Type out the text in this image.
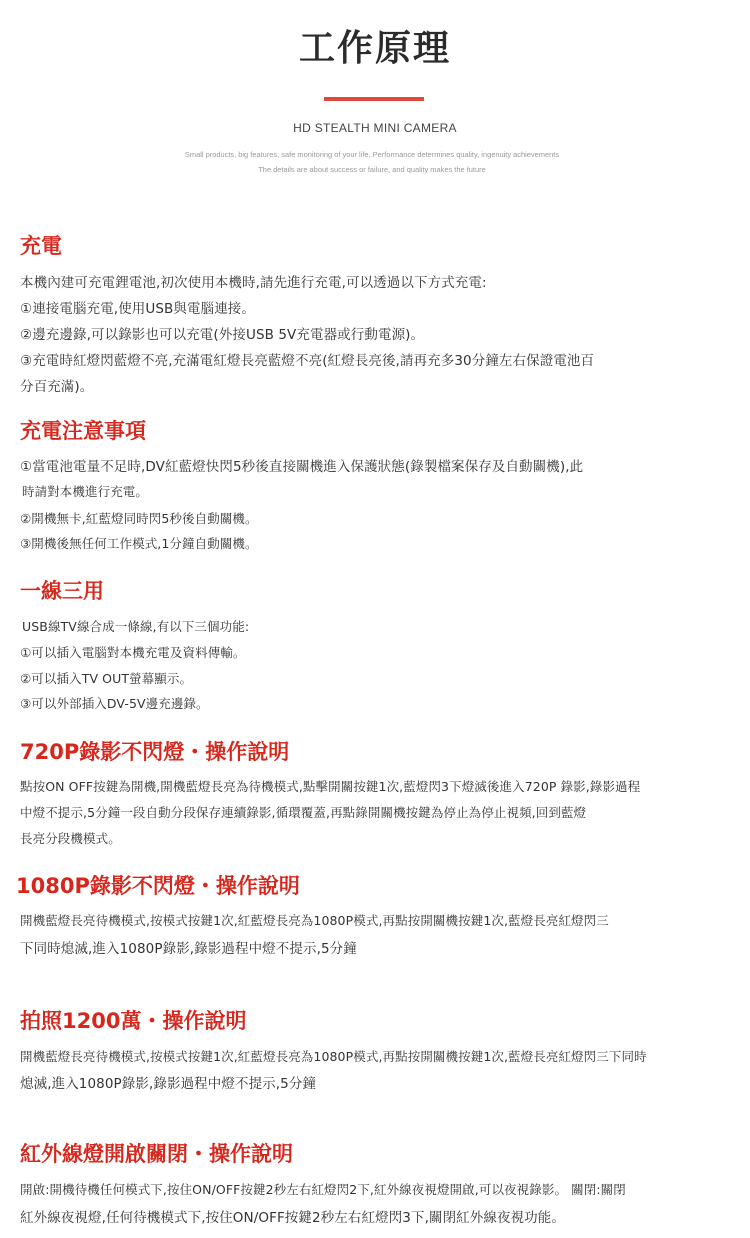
工作原理
HD STEALTH MINI CAMERA
Small products, big features, safe monitoring of your life, Performance determines quality, ingenuity achievements
The details are about success or failure, and quality makes the future
充電
本機內建可充電鋰電池,初次使用本機時,請先進行充電,可以透過以下方式充電:
①連接電腦充電,使用USB與電腦連接。
②邊充邊錄,可以錄影也可以充電(外接USB 5V充電器或行動電源)。
③充電時紅燈閃藍燈不亮,充滿電紅燈長亮藍燈不亮(紅燈長亮後,請再充多30分鐘左右保證電池百
分百充滿)。
充電注意事項
①當電池電量不足時,DV紅藍燈快閃5秒後直接關機進入保護狀態(錄製檔案保存及自動關機),此
時請對本機進行充電。
②開機無卡,紅藍燈同時閃5秒後自動關機。
③開機後無任何工作模式,1分鐘自動關機。
一線三用
USB線TV線合成一條線,有以下三個功能:
①可以插入電腦對本機充電及資料傳輸。
②可以插入TV OUT螢幕顯示。
③可以外部插入DV-5V邊充邊錄。
720P錄影不閃燈・操作說明
點按ON OFF按鍵為開機,開機藍燈長亮為待機模式,點擊開關按鍵1次,藍燈閃3下燈滅後進入720P 錄影,錄影過程
中燈不提示,5分鐘一段自動分段保存連續錄影,循環覆蓋,再點錄開關機按鍵為停止為停止視頻,回到藍燈
長亮分段機模式。
1080P錄影不閃燈・操作說明
開機藍燈長亮待機模式,按模式按鍵1次,紅藍燈長亮為1080P模式,再點按開關機按鍵1次,藍燈長亮紅燈閃三
下同時熄滅,進入1080P錄影,錄影過程中燈不提示,5分鐘
拍照1200萬・操作說明
開機藍燈長亮待機模式,按模式按鍵1次,紅藍燈長亮為1080P模式,再點按開關機按鍵1次,藍燈長亮紅燈閃三下同時
熄滅,進入1080P錄影,錄影過程中燈不提示,5分鐘
紅外線燈開啟關閉・操作說明
開啟:開機待機任何模式下,按住ON/OFF按鍵2秒左右紅燈閃2下,紅外線夜視燈開啟,可以夜視錄影。 關閉:關閉
紅外線夜視燈,任何待機模式下,按住ON/OFF按鍵2秒左右紅燈閃3下,關閉紅外線夜視功能。
